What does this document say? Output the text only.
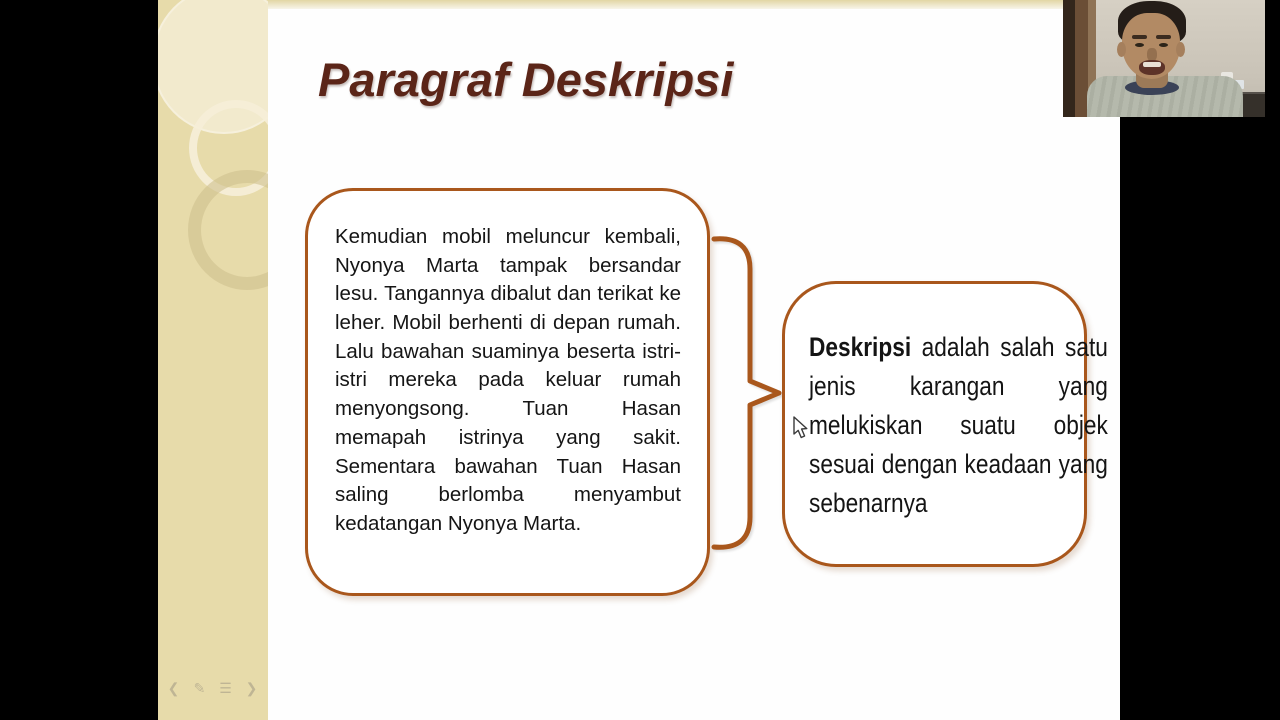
❮ ✎ ☰ ❯
Paragraf Deskripsi
Kemudian mobil meluncur kembali, Nyonya Marta tampak bersandar lesu. Tangannya dibalut dan terikat ke leher. Mobil berhenti di depan rumah. Lalu bawahan suaminya beserta istri-istri mereka pada keluar rumah menyongsong. Tuan Hasan memapah istrinya yang sakit. Sementara bawahan Tuan Hasan saling berlomba menyambut kedatangan Nyonya Marta.
Deskripsi adalah salah satu jenis karangan yang melukiskan suatu objek sesuai dengan keadaan yang sebenarnya
